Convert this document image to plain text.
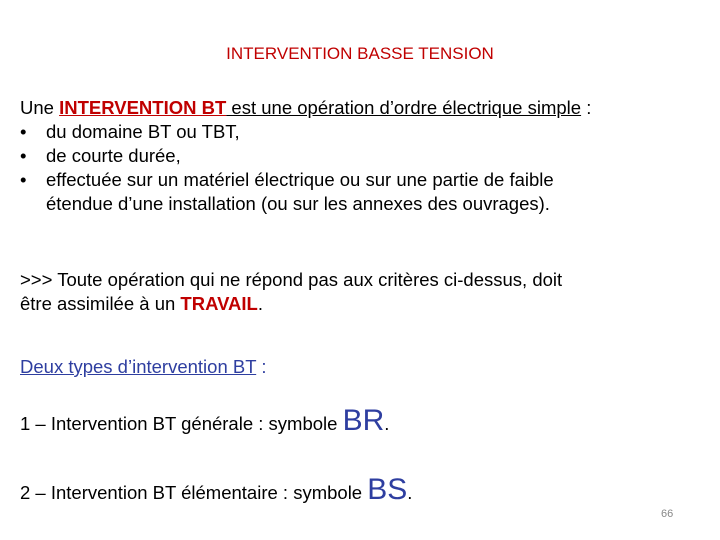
INTERVENTION BASSE TENSION
Une INTERVENTION BT est une opération d’ordre électrique simple :
• du domaine BT ou TBT,
• de courte durée,
• effectuée sur un matériel électrique ou sur une partie de faible
étendue d’une installation (ou sur les annexes des ouvrages).
>>> Toute opération qui ne répond pas aux critères ci-dessus, doit
être assimilée à un TRAVAIL.
Deux types d’intervention BT :
1 – Intervention BT générale : symbole BR.
2 – Intervention BT élémentaire : symbole BS.
66
